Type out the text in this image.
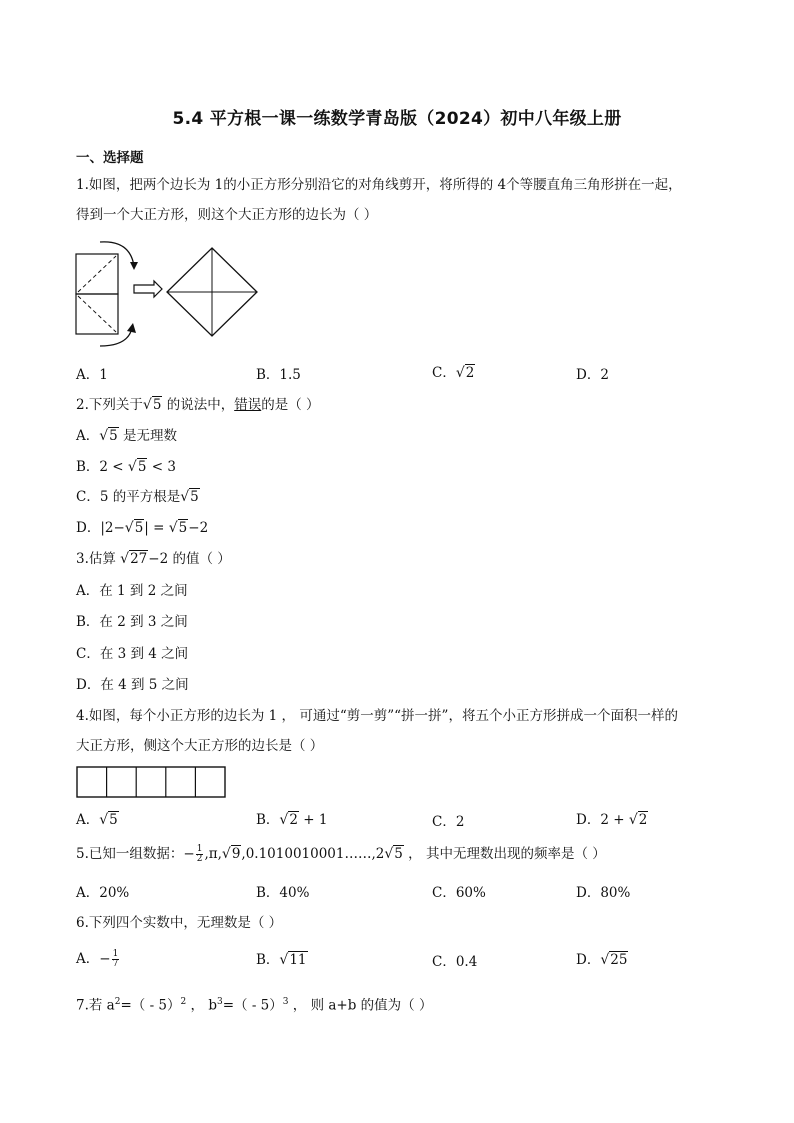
5.4 平方根一课一练数学青岛版（2024）初中八年级上册
一、选择题
1.如图，把两个边长为 1的小正方形分别沿它的对角线剪开，将所得的 4个等腰直角三角形拼在一起，
得到一个大正方形，则这个大正方形的边长为（ ）
A．1	B．1.5	C．√2	D．2
2.下列关于√5 的说法中，错误的是（ ）
A．√5 是无理数
B．2 < √5 < 3
C．5 的平方根是√5
D．|2−√5| = √5−2
3.估算 √27−2 的值（ ）
A．在 1 到 2 之间
B．在 2 到 3 之间
C．在 3 到 4 之间
D．在 4 到 5 之间
4.如图，每个小正方形的边长为 1 ， 可通过“剪一剪”“拼一拼”，将五个小正方形拼成一个面积一样的
大正方形，侧这个大正方形的边长是（ ）
A．√5	B．√2 + 1	C．2	D．2 + √2
5.已知一组数据：− $\frac{1}{2}$ ,π,√9,0.1010010001……,2√5 ， 其中无理数出现的频率是（ ）
A．20%	B．40%	C．60%	D．80%
6.下列四个实数中，无理数是（ ）
A．− $\frac{1}{7}$	B．√11	C．0.4	D．√25
7.若 $a^2=( - 5)^2$ ， $b^3=( - 5)^3$ ， 则 a+b 的值为（ ）
